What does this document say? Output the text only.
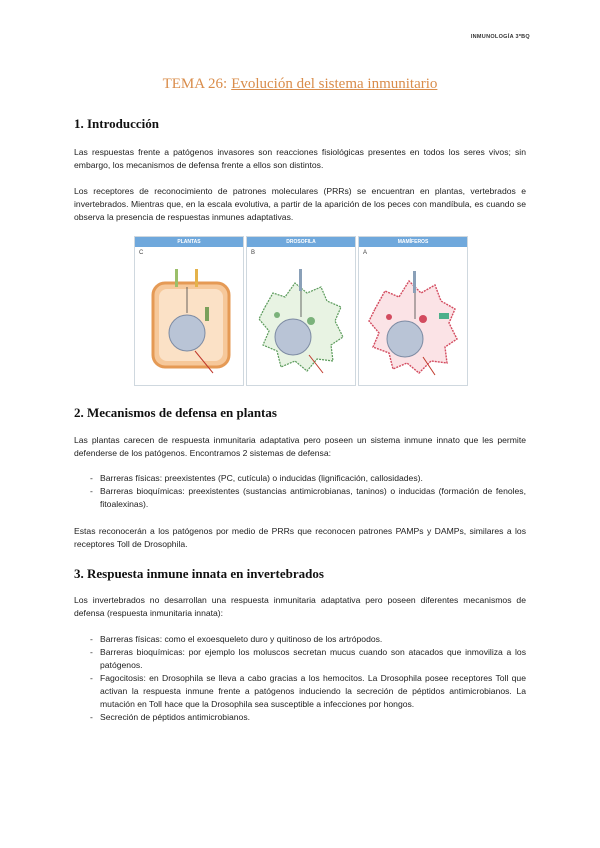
INMUNOLOGÍA 3ºBQ
TEMA 26: Evolución del sistema inmunitario
1. Introducción

Las respuestas frente a patógenos invasores son reacciones fisiológicas presentes en todos los seres vivos; sin embargo, los mecanismos de defensa frente a ellos son distintos.

Los receptores de reconocimiento de patrones moleculares (PRRs) se encuentran en plantas, vertebrados e invertebrados. Mientras que, en la escala evolutiva, a partir de la aparición de los peces con mandíbula, es cuando se observa la presencia de respuestas inmunes adaptativas.

PLANTAS
C
DROSOFILA
B
MAMÍFEROS
A
2. Mecanismos de defensa en plantas

Las plantas carecen de respuesta inmunitaria adaptativa pero poseen un sistema inmune innato que les permite defenderse de los patógenos. Encontramos 2 sistemas de defensa:

- Barreras físicas: preexistentes (PC, cutícula) o inducidas (lignificación, callosidades).
- Barreras bioquímicas: preexistentes (sustancias antimicrobianas, taninos) o inducidas (formación de fenoles, fitoalexinas).

Estas reconocerán a los patógenos por medio de PRRs que reconocen patrones PAMPs y DAMPs, similares a los receptores Toll de Drosophila.

3. Respuesta inmune innata en invertebrados

Los invertebrados no desarrollan una respuesta inmunitaria adaptativa pero poseen diferentes mecanismos de defensa (respuesta inmunitaria innata):

- Barreras físicas: como el exoesqueleto duro y quitinoso de los artrópodos.
- Barreras bioquímicas: por ejemplo los moluscos secretan mucus cuando son atacados que inmoviliza a los patógenos.
- Fagocitosis: en Drosophila se lleva a cabo gracias a los hemocitos. La Drosophila posee receptores Toll que activan la respuesta inmune frente a patógenos induciendo la secreción de péptidos antimicrobianos. La mutación en Toll hace que la Drosophila sea susceptible a infecciones por hongos.
- Secreción de péptidos antimicrobianos.
